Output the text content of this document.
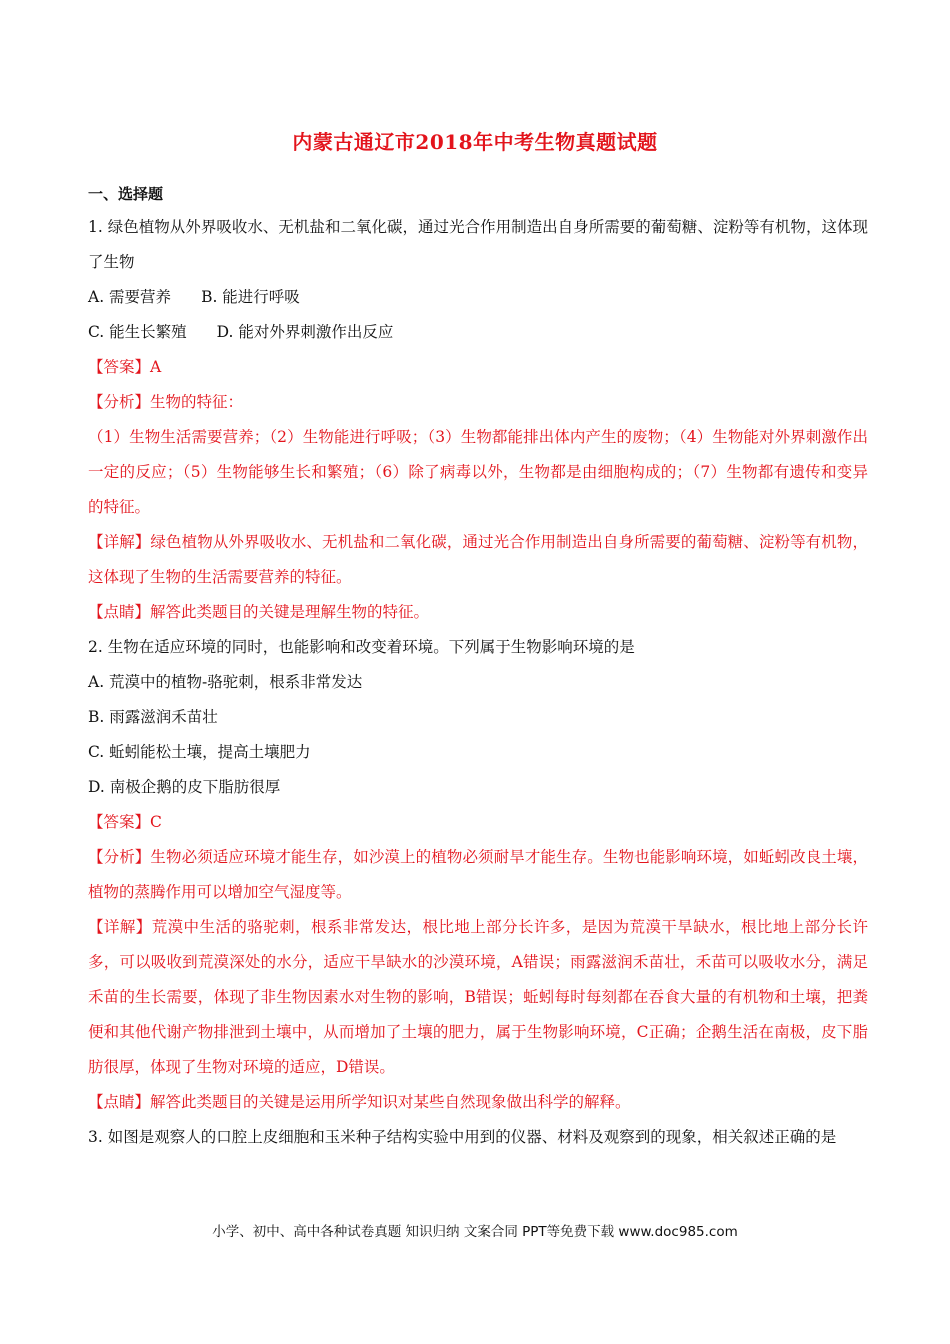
内蒙古通辽市2018年中考生物真题试题
一、选择题

1. 绿色植物从外界吸收水、无机盐和二氧化碳，通过光合作用制造出自身所需要的葡萄糖、淀粉等有机物，这体现了生物

A. 需要营养 B. 能进行呼吸

C. 能生长繁殖 D. 能对外界刺激作出反应

【答案】A

【分析】生物的特征：

（1）生物生活需要营养；（2）生物能进行呼吸；（3）生物都能排出体内产生的废物；（4）生物能对外界刺激作出一定的反应；（5）生物能够生长和繁殖；（6）除了病毒以外，生物都是由细胞构成的；（7）生物都有遗传和变异的特征。

【详解】绿色植物从外界吸收水、无机盐和二氧化碳，通过光合作用制造出自身所需要的葡萄糖、淀粉等有机物，这体现了生物的生活需要营养的特征。

【点睛】解答此类题目的关键是理解生物的特征。

2. 生物在适应环境的同时，也能影响和改变着环境。下列属于生物影响环境的是

A. 荒漠中的植物-骆驼刺，根系非常发达

B. 雨露滋润禾苗壮

C. 蚯蚓能松土壤，提高土壤肥力

D. 南极企鹅的皮下脂肪很厚

【答案】C

【分析】生物必须适应环境才能生存，如沙漠上的植物必须耐旱才能生存。生物也能影响环境，如蚯蚓改良土壤，植物的蒸腾作用可以增加空气湿度等。

【详解】荒漠中生活的骆驼刺，根系非常发达，根比地上部分长许多，是因为荒漠干旱缺水，根比地上部分长许多，可以吸收到荒漠深处的水分，适应干旱缺水的沙漠环境，A错误；雨露滋润禾苗壮，禾苗可以吸收水分，满足禾苗的生长需要，体现了非生物因素水对生物的影响，B错误；蚯蚓每时每刻都在吞食大量的有机物和土壤，把粪便和其他代谢产物排泄到土壤中，从而增加了土壤的肥力，属于生物影响环境，C正确；企鹅生活在南极，皮下脂肪很厚，体现了生物对环境的适应，D错误。

【点睛】解答此类题目的关键是运用所学知识对某些自然现象做出科学的解释。

3. 如图是观察人的口腔上皮细胞和玉米种子结构实验中用到的仪器、材料及观察到的现象，相关叙述正确的是

小学、初中、高中各种试卷真题 知识归纳 文案合同 PPT等免费下载 www.doc985.com
